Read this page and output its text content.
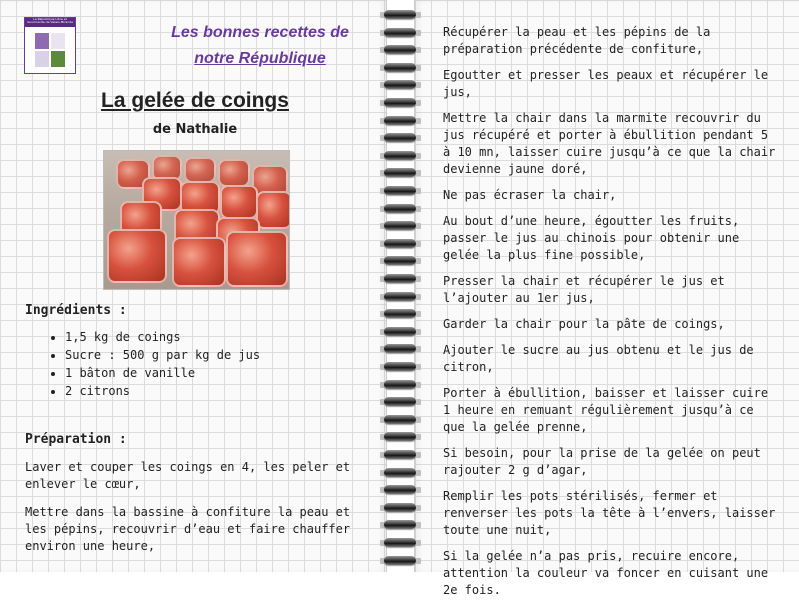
La République Libre et Gourmande de Vassiv-Mirande
Les bonnes recettes de
notre République
La gelée de coings
de Nathalie
Ingrédients :
• 1,5 kg de coings
• Sucre : 500 g par kg de jus
• 1 bâton de vanille
• 2 citrons
Préparation :
Laver et couper les coings en 4, les peler et enlever le cœur,
Mettre dans la bassine à confiture la peau et les pépins, recouvrir d’eau et faire chauffer environ une heure,

Récupérer la peau et les pépins de la préparation précédente de confiture,

Egoutter et presser les peaux et récupérer le jus,

Mettre la chair dans la marmite recouvrir du jus récupéré et porter à ébullition pendant 5 à 10 mn, laisser cuire jusqu’à ce que la chair devienne jaune doré,

Ne pas écraser la chair,

Au bout d’une heure, égoutter les fruits, passer le jus au chinois pour obtenir une gelée la plus fine possible,

Presser la chair et récupérer le jus et l’ajouter au 1er jus,

Garder la chair pour la pâte de coings,

Ajouter le sucre au jus obtenu et le jus de citron,

Porter à ébullition, baisser et laisser cuire 1 heure en remuant régulièrement jusqu’à ce que la gelée prenne,

Si besoin, pour la prise de la gelée on peut rajouter 2 g d’agar,

Remplir les pots stérilisés, fermer et renverser les pots la tête à l’envers, laisser toute une nuit,

Si la gelée n’a pas pris, recuire encore, attention la couleur va foncer en cuisant une 2e fois.
